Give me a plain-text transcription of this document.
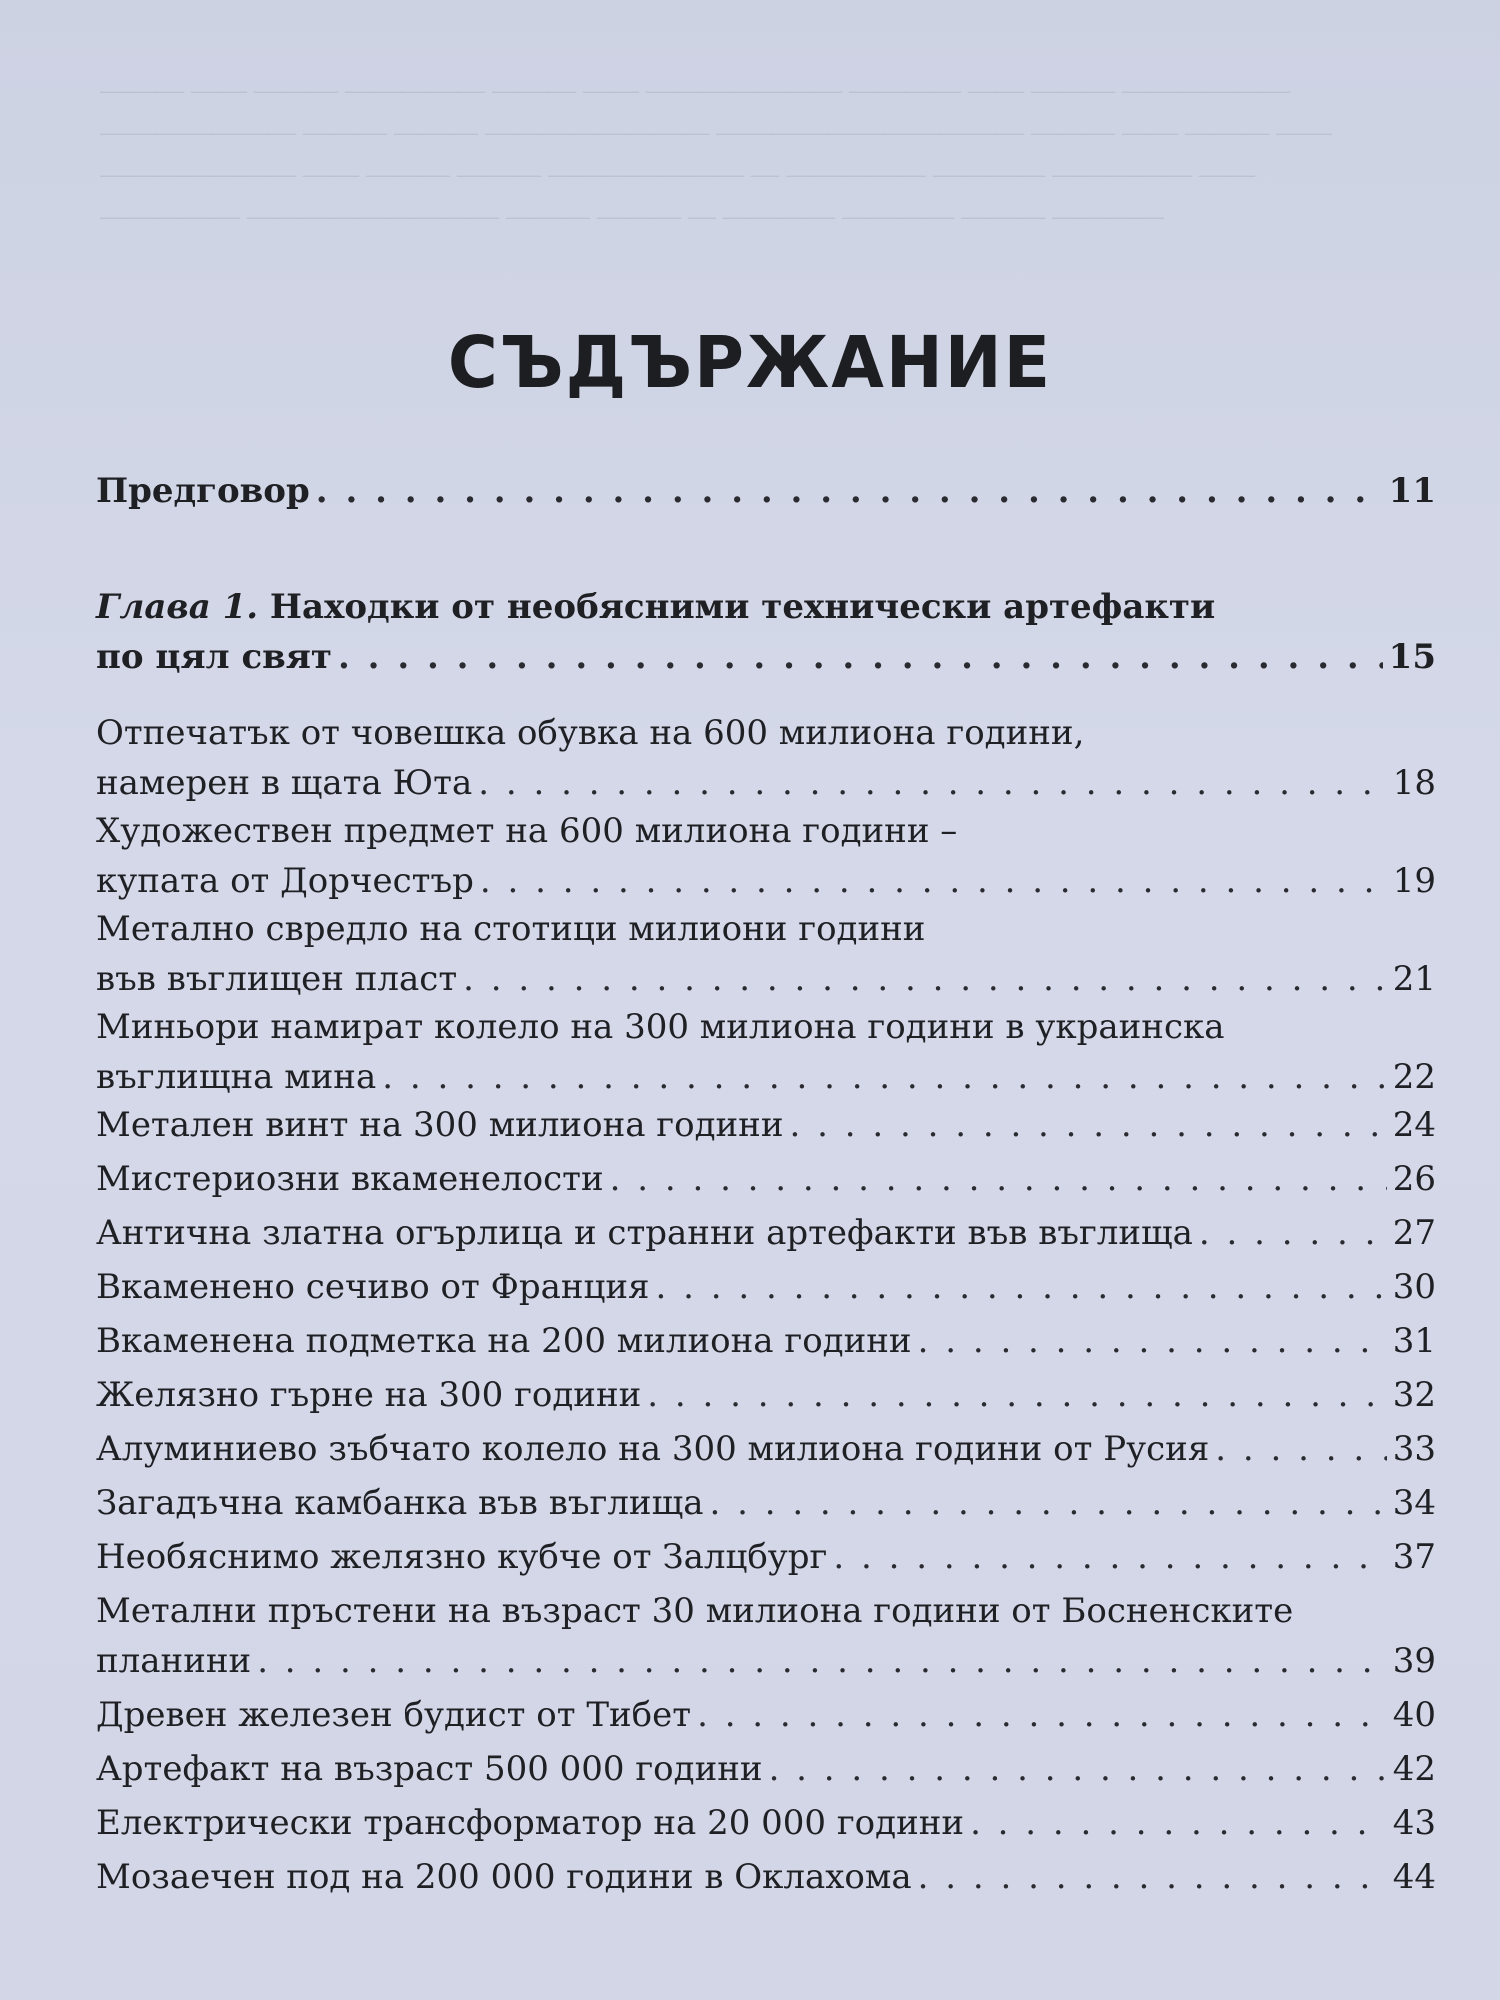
——— —— ——— ————— ——— —— ——————— ———— —— ——— ——————
——————— ——— ——— ———————— ——————————— ——— —— ——— ——
——————— —— ——— ——— ——————— — ————— ———— ————— ——
————— ————————— ——— ——— — ———— ———— ——— ————
СЪДЪРЖАНИЕ
Предговор . . .	11
Глава 1. Находки от необясними технически артефакти
по цял свят . . .	15
Отпечатък от човешка обувка на 600 милиона години,
намерен в щата Юта . . .	18
Художествен предмет на 600 милиона години –
купата от Дорчестър . . .	19
Метално свредло на стотици милиони години
във въглищен пласт . . .	21
Миньори намират колело на 300 милиона години в украинска
въглищна мина . . .	22
Метален винт на 300 милиона години . . .	24
Мистериозни вкаменелости . . .	26
Антична златна огърлица и странни артефакти във въглища . . .	27
Вкаменено сечиво от Франция . . .	30
Вкаменена подметка на 200 милиона години . . .	31
Желязно гърне на 300 години . . .	32
Алуминиево зъбчато колело на 300 милиона години от Русия . . .	33
Загадъчна камбанка във въглища . . .	34
Необяснимо желязно кубче от Залцбург . . .	37
Метални пръстени на възраст 30 милиона години от Босненските
планини . . .	39
Древен железен будист от Тибет . . .	40
Артефакт на възраст 500 000 години . . .	42
Електрически трансформатор на 20 000 години . . .	43
Мозаечен под на 200 000 години в Оклахома . . .	44
